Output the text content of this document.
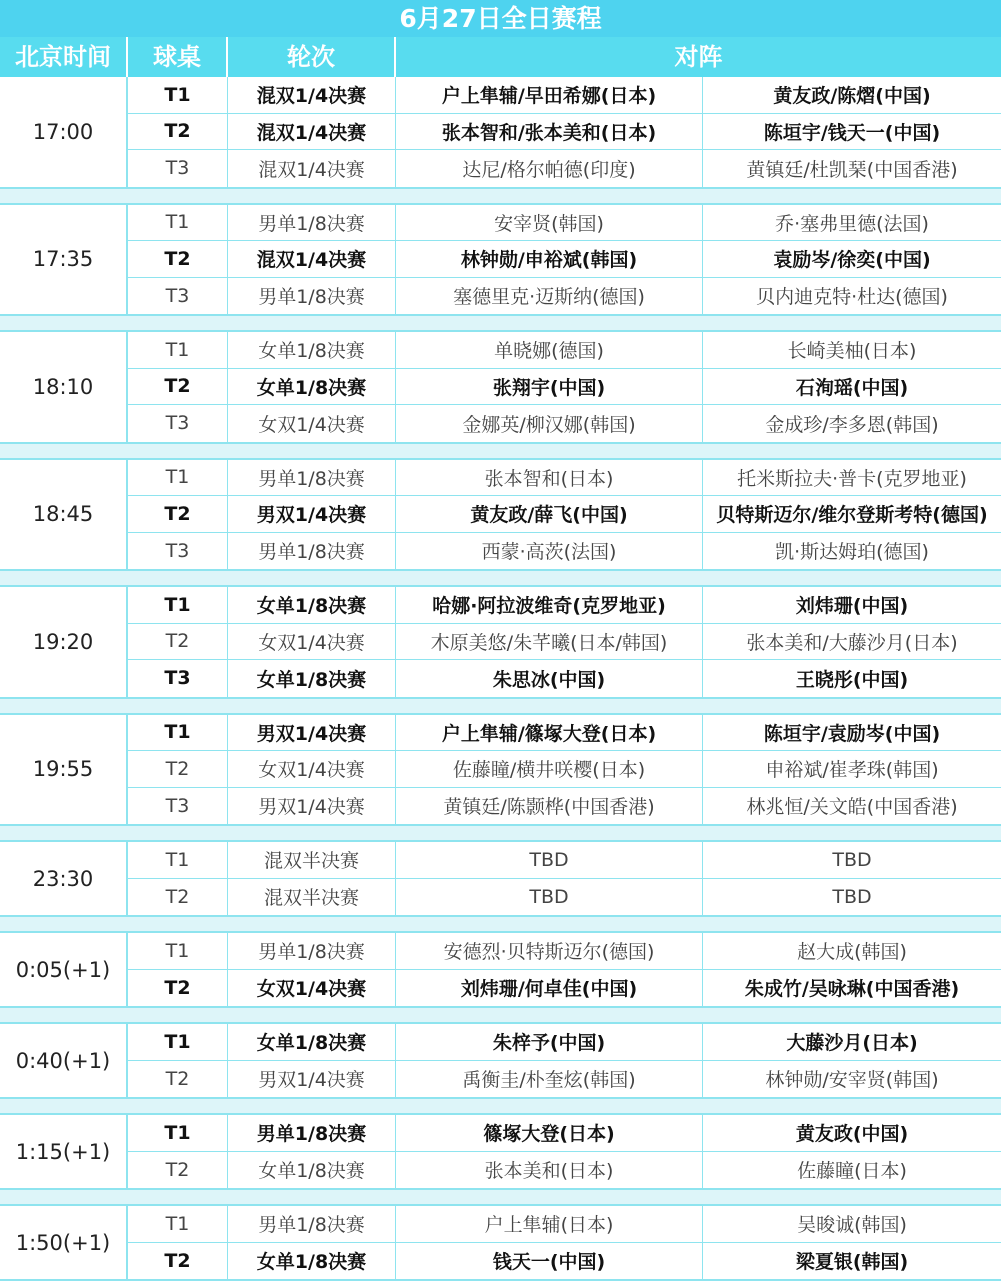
6月27日全日赛程
北京时间	球桌	轮次	对阵
17:00
T1	混双1/4决赛	户上隼辅/早田希娜(日本)	黄友政/陈熠(中国)
T2	混双1/4决赛	张本智和/张本美和(日本)	陈垣宇/钱天一(中国)
T3	混双1/4决赛	达尼/格尔帕德(印度)	黄镇廷/杜凯琹(中国香港)
17:35
T1	男单1/8决赛	安宰贤(韩国)	乔·塞弗里德(法国)
T2	混双1/4决赛	林钟勋/申裕斌(韩国)	袁励岑/徐奕(中国)
T3	男单1/8决赛	塞德里克·迈斯纳(德国)	贝内迪克特·杜达(德国)
18:10
T1	女单1/8决赛	单晓娜(德国)	长崎美柚(日本)
T2	女单1/8决赛	张翔宇(中国)	石洵瑶(中国)
T3	女双1/4决赛	金娜英/柳汉娜(韩国)	金成珍/李多恩(韩国)
18:45
T1	男单1/8决赛	张本智和(日本)	托米斯拉夫·普卡(克罗地亚)
T2	男双1/4决赛	黄友政/薛飞(中国)	贝特斯迈尔/维尔登斯考特(德国)
T3	男单1/8决赛	西蒙·高茨(法国)	凯·斯达姆珀(德国)
19:20
T1	女单1/8决赛	哈娜·阿拉波维奇(克罗地亚)	刘炜珊(中国)
T2	女双1/4决赛	木原美悠/朱芊曦(日本/韩国)	张本美和/大藤沙月(日本)
T3	女单1/8决赛	朱思冰(中国)	王晓彤(中国)
19:55
T1	男双1/4决赛	户上隼辅/篠塚大登(日本)	陈垣宇/袁励岑(中国)
T2	女双1/4决赛	佐藤瞳/横井咲樱(日本)	申裕斌/崔孝珠(韩国)
T3	男双1/4决赛	黄镇廷/陈颢桦(中国香港)	林兆恒/关文皓(中国香港)
23:30
T1	混双半决赛	TBD	TBD
T2	混双半决赛	TBD	TBD
0:05(+1)
T1	男单1/8决赛	安德烈·贝特斯迈尔(德国)	赵大成(韩国)
T2	女双1/4决赛	刘炜珊/何卓佳(中国)	朱成竹/吴咏琳(中国香港)
0:40(+1)
T1	女单1/8决赛	朱梓予(中国)	大藤沙月(日本)
T2	男双1/4决赛	禹衡圭/朴奎炫(韩国)	林钟勋/安宰贤(韩国)
1:15(+1)
T1	男单1/8决赛	篠塚大登(日本)	黄友政(中国)
T2	女单1/8决赛	张本美和(日本)	佐藤瞳(日本)
1:50(+1)
T1	男单1/8决赛	户上隼辅(日本)	吴晙诚(韩国)
T2	女单1/8决赛	钱天一(中国)	梁夏银(韩国)
